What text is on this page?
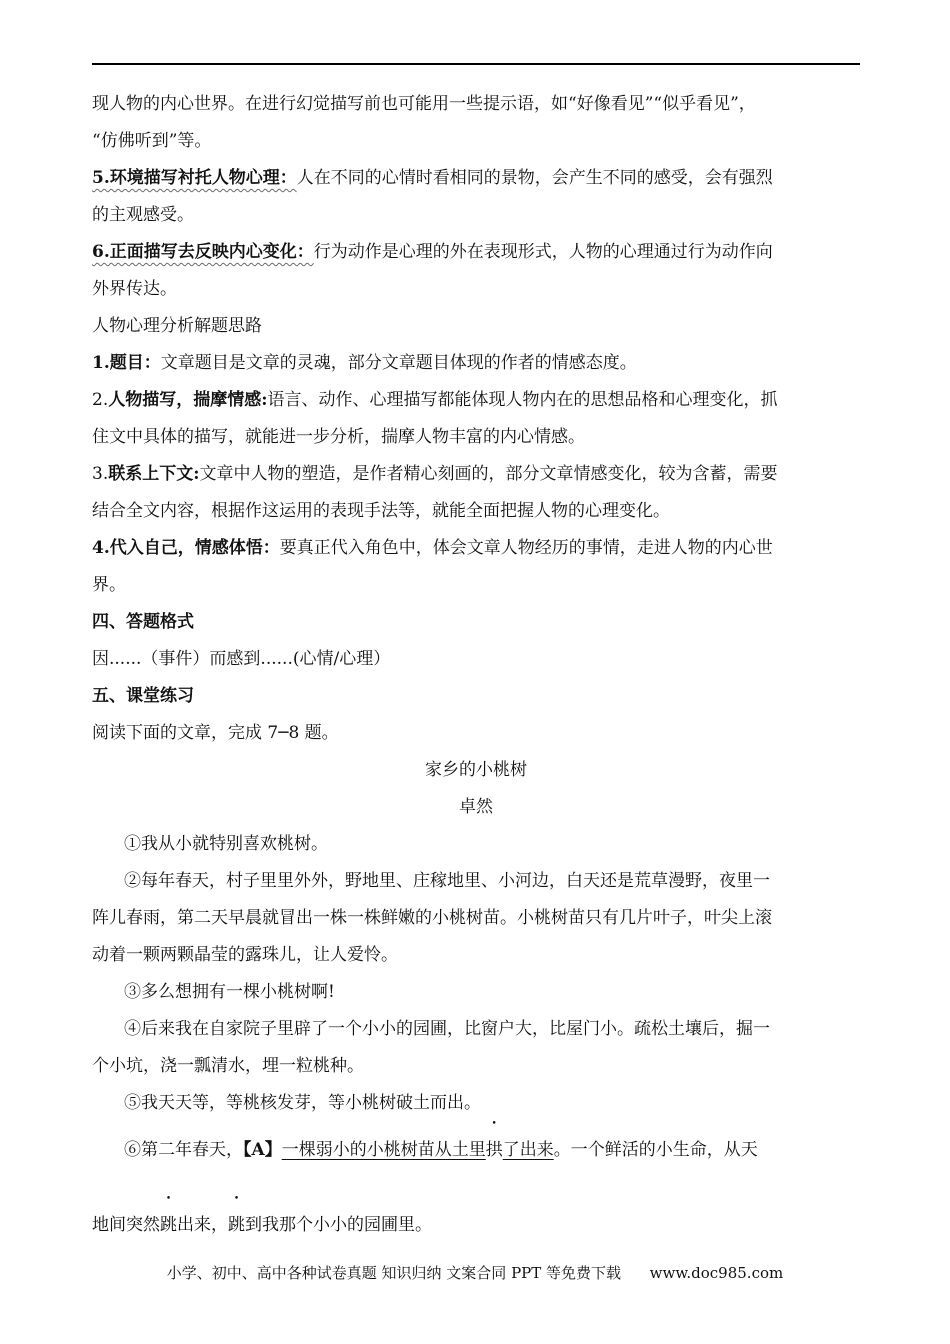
现人物的内心世界。在进行幻觉描写前也可能用一些提示语，如“好像看见”“似乎看见”，
“仿佛听到”等。
5.环境描写衬托人物心理：人在不同的心情时看相同的景物，会产生不同的感受，会有强烈
的主观感受。
6.正面描写去反映内心变化：行为动作是心理的外在表现形式，人物的心理通过行为动作向
外界传达。
人物心理分析解题思路
1.题目：文章题目是文章的灵魂，部分文章题目体现的作者的情感态度。
2.人物描写，揣摩情感:语言、动作、心理描写都能体现人物内在的思想品格和心理变化，抓
住文中具体的描写，就能进一步分析，揣摩人物丰富的内心情感。
3.联系上下文:文章中人物的塑造，是作者精心刻画的，部分文章情感变化，较为含蓄，需要
结合全文内容，根据作这运用的表现手法等，就能全面把握人物的心理变化。
4.代入自己，情感体悟：要真正代入角色中，体会文章人物经历的事情，走进人物的内心世
界。
四、答题格式
因......（事件）而感到......(心情/心理）
五、课堂练习
阅读下面的文章，完成 7─8 题。
家乡的小桃树
卓然
①我从小就特别喜欢桃树。
②每年春天，村子里里外外，野地里、庄稼地里、小河边，白天还是荒草漫野，夜里一
阵儿春雨，第二天早晨就冒出一株一株鲜嫩的小桃树苗。小桃树苗只有几片叶子，叶尖上滚
动着一颗两颗晶莹的露珠儿，让人爱怜。
③多么想拥有一棵小桃树啊!
④后来我在自家院子里辟了一个小小的园圃，比窗户大，比屋门小。疏松土壤后，掘一
个小坑，浇一瓢清水，埋一粒桃种。
⑤我天天等，等桃核发芽，等小桃树破土而出。
⑥第二年春天，【A】一棵弱小的小桃树苗从土里拱了出来。一个鲜活的小生命，从天
地间突然跳出来，跳到我那个小小的园圃里。
小学、初中、高中各种试卷真题 知识归纳 文案合同 PPT 等免费下载      www.doc985.com
